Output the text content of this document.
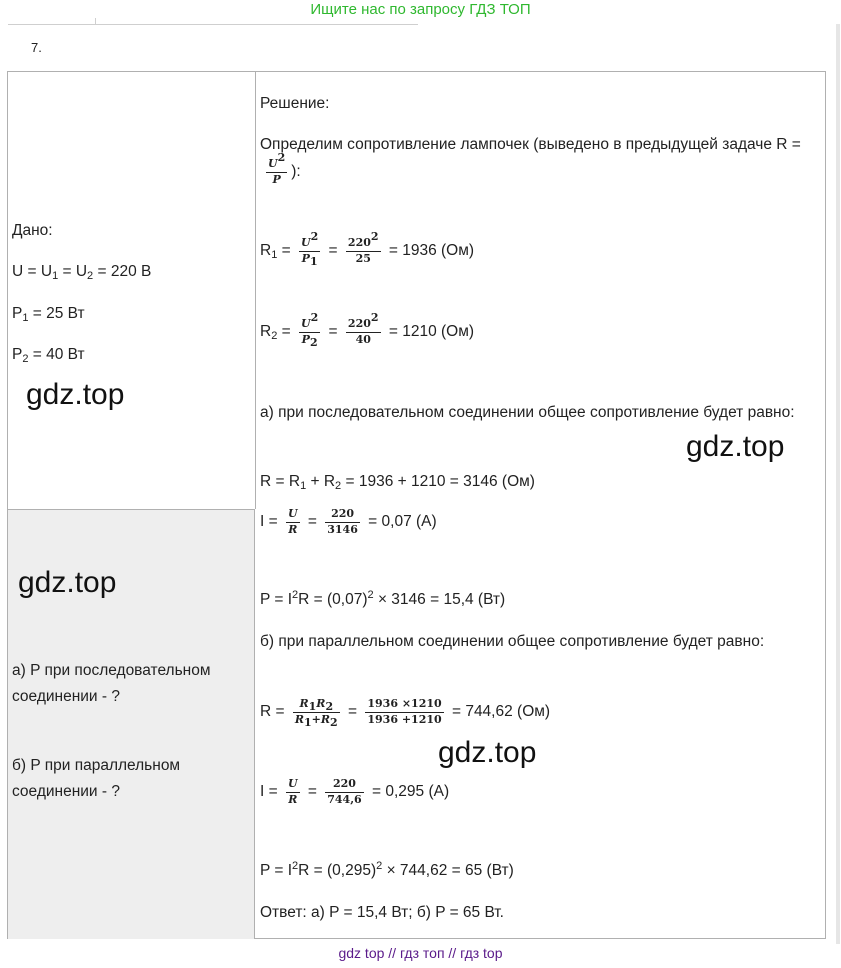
Ищите нас по запросу ГДЗ ТОП
7.
Дано:
$U = U_1 = U_2 = 220$ В
$P_1 = 25$ Вт
$P_2 = 40$ Вт
gdz.top
gdz.top
а) P при последовательном
соединении - ?
б) P при параллельном
соединении - ?
Решение:
Определим сопротивление лампочек (выведено в предыдущей задаче R =
$\frac{U^2}{P}$ ):
$R_1 = \frac{U^2}{P_1} = \frac{220^2}{25} = 1936$ (Ом)
$R_2 = \frac{U^2}{P_2} = \frac{220^2}{40} = 1210$ (Ом)
а) при последовательном соединении общее сопротивление будет равно:
gdz.top
$R = R_1 + R_2 = 1936 + 1210 = 3146$ (Ом)
$I = \frac{U}{R} = \frac{220}{3146} = 0,07$ (А)
$P = I^2R = (0,07)^2 \times 3146 = 15,4$ (Вт)
б) при параллельном соединении общее сопротивление будет равно:
$R = \frac{R_1R_2}{R_1+R_2} = \frac{1936 \times 1210}{1936 +1210} = 744,62$ (Ом)
gdz.top
$I = \frac{U}{R} = \frac{220}{744,6} = 0,295$ (А)
$P = I^2R = (0,295)^2 \times 744,62 = 65$ (Вт)
Ответ: а) P = 15,4 Вт; б) P = 65 Вт.
gdz top // гдз топ // гдз top
